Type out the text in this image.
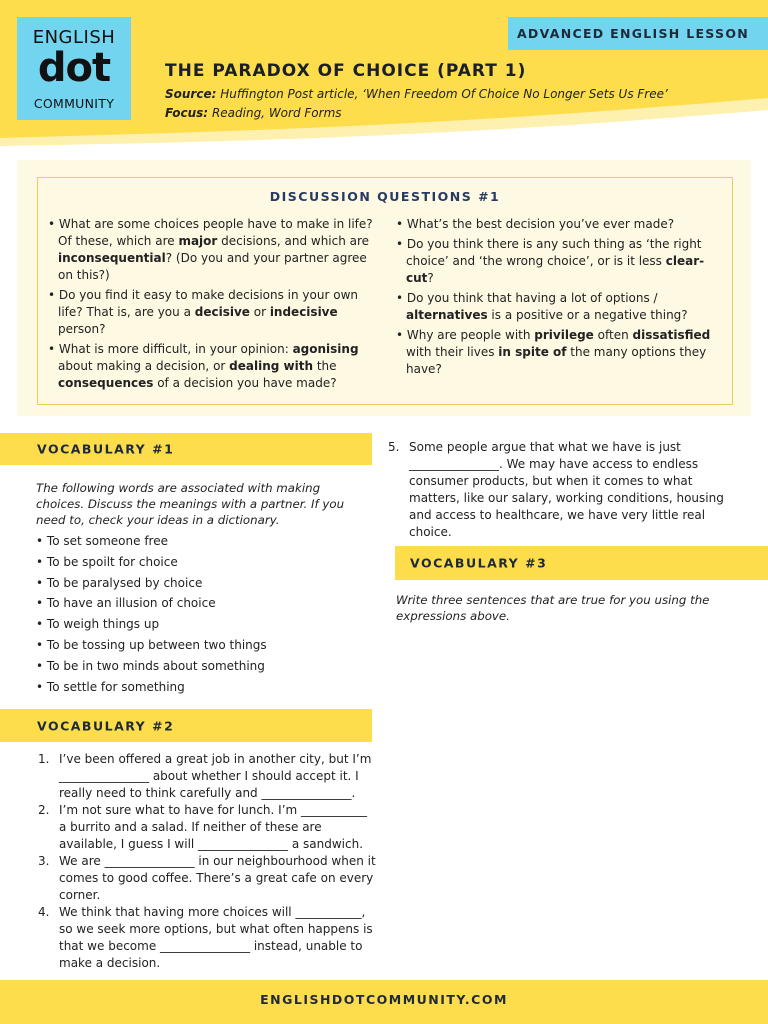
ENGLISH
dot
COMMUNITY
ADVANCED ENGLISH LESSON
THE PARADOX OF CHOICE (PART 1)
Source: Huffington Post article, ‘When Freedom Of Choice No Longer Sets Us Free’
Focus: Reading, Word Forms
DISCUSSION QUESTIONS #1
• What are some choices people have to make in life? Of these, which are major decisions, and which are inconsequential? (Do you and your partner agree on this?)
• Do you find it easy to make decisions in your own life? That is, are you a decisive or indecisive person?
• What is more difficult, in your opinion: agonising about making a decision, or dealing with the consequences of a decision you have made?
• What’s the best decision you’ve ever made?
• Do you think there is any such thing as ‘the right choice’ and ‘the wrong choice’, or is it less clear-cut?
• Do you think that having a lot of options / alternatives is a positive or a negative thing?
• Why are people with privilege often dissatisfied with their lives in spite of the many options they have?
VOCABULARY #1

The following words are associated with making choices. Discuss the meanings with a partner. If you need to, check your ideas in a dictionary.

• To set someone free
• To be spoilt for choice
• To be paralysed by choice
• To have an illusion of choice
• To weigh things up
• To be tossing up between two things
• To be in two minds about something
• To settle for something
VOCABULARY #2
1. I’ve been offered a great job in another city, but I’m _______________ about whether I should accept it. I really need to think carefully and _______________.
2. I’m not sure what to have for lunch. I’m ___________ a burrito and a salad. If neither of these are available, I guess I will _______________ a sandwich.
3. We are _______________ in our neighbourhood when it comes to good coffee. There’s a great cafe on every corner.
4. We think that having more choices will ___________, so we seek more options, but what often happens is that we become _______________ instead, unable to make a decision.
5. Some people argue that what we have is just _______________. We may have access to endless consumer products, but when it comes to what matters, like our salary, working conditions, housing and access to healthcare, we have very little real choice.
VOCABULARY #3

Write three sentences that are true for you using the expressions above.

ENGLISHDOTCOMMUNITY.COM
